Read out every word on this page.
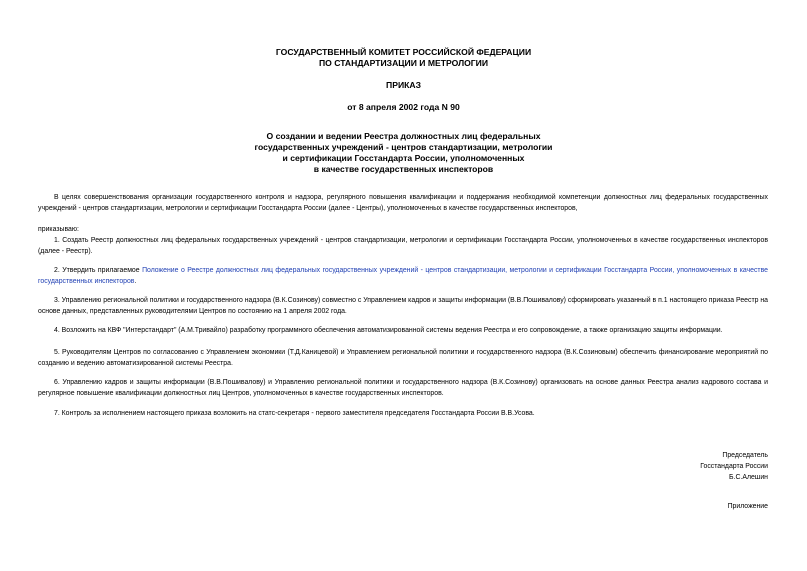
ГОСУДАРСТВЕННЫЙ КОМИТЕТ РОССИЙСКОЙ ФЕДЕРАЦИИ
ПО СТАНДАРТИЗАЦИИ И МЕТРОЛОГИИ
ПРИКАЗ
от 8 апреля 2002 года N 90
О создании и ведении Реестра должностных лиц федеральных
государственных учреждений - центров стандартизации, метрологии
и сертификации Госстандарта России, уполномоченных
в качестве государственных инспекторов
В целях совершенствования организации государственного контроля и надзора, регулярного повышения квалификации и поддержания необходимой компетенции должностных лиц федеральных государственных учреждений - центров стандартизации, метрологии и сертификации Госстандарта России (далее - Центры), уполномоченных в качестве государственных инспекторов,
приказываю:
1. Создать Реестр должностных лиц федеральных государственных учреждений - центров стандартизации, метрологии и сертификации Госстандарта России, уполномоченных в качестве государственных инспекторов (далее - Реестр).
2. Утвердить прилагаемое Положение о Реестре должностных лиц федеральных государственных учреждений - центров стандартизации, метрологии и сертификации Госстандарта России, уполномоченных в качестве государственных инспекторов.
3. Управлению региональной политики и государственного надзора (В.К.Созинову) совместно с Управлением кадров и защиты информации (В.В.Пошивалову) сформировать указанный в п.1 настоящего приказа Реестр на основе данных, представленных руководителями Центров по состоянию на 1 апреля 2002 года.
4. Возложить на КВФ "Интерстандарт" (А.М.Тривайло) разработку программного обеспечения автоматизированной системы ведения Реестра и его сопровождение, а также организацию защиты информации.
5. Руководителям Центров по согласованию с Управлением экономики (Т.Д.Каницевой) и Управлением региональной политики и государственного надзора (В.К.Созиновым) обеспечить финансирование мероприятий по созданию и ведению автоматизированной системы Реестра.
6. Управлению кадров и защиты информации (В.В.Пошивалову) и Управлению региональной политики и государственного надзора (В.К.Созинову) организовать на основе данных Реестра анализ кадрового состава и регулярное повышение квалификации должностных лиц Центров, уполномоченных в качестве государственных инспекторов.
7. Контроль за исполнением настоящего приказа возложить на статс-секретаря - первого заместителя председателя Госстандарта России В.В.Усова.
Председатель
Госстандарта России
Б.С.Алешин
Приложение
